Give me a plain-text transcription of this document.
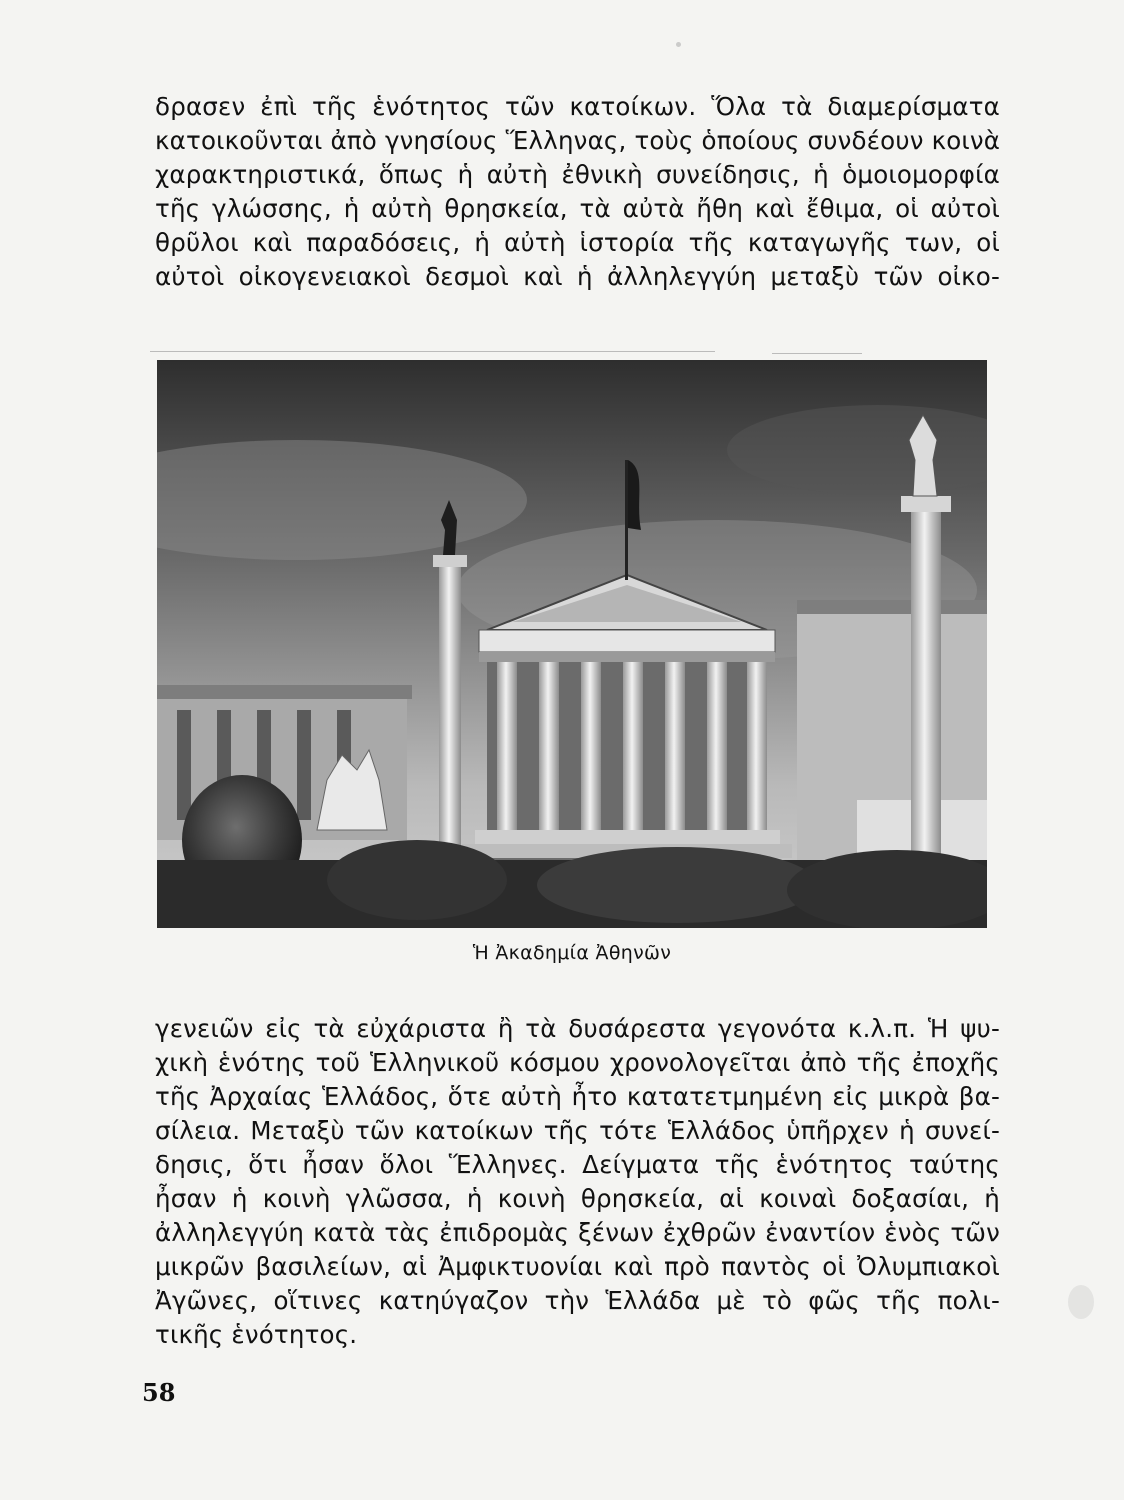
δρασεν ἐπὶ τῆς ἑνότητος τῶν κατοίκων. Ὅλα τὰ διαμερίσματα
κατοικοῦνται ἀπὸ γνησίους Ἕλληνας, τοὺς ὁποίους συνδέουν κοινὰ
χαρακτηριστικά, ὅπως ἡ αὐτὴ ἐθνικὴ συνείδησις, ἡ ὁμοιομορφία
τῆς γλώσσης, ἡ αὐτὴ θρησκεία, τὰ αὐτὰ ἤθη καὶ ἔθιμα, οἱ αὐτοὶ
θρῦλοι καὶ παραδόσεις, ἡ αὐτὴ ἱστορία τῆς καταγωγῆς των, οἱ
αὐτοὶ οἰκογενειακοὶ δεσμοὶ καὶ ἡ ἀλληλεγγύη μεταξὺ τῶν οἰκο-
Ἡ Ἀκαδημία Ἀθηνῶν
γενειῶν εἰς τὰ εὐχάριστα ἢ τὰ δυσάρεστα γεγονότα κ.λ.π. Ἡ ψυ-
χικὴ ἑνότης τοῦ Ἑλληνικοῦ κόσμου χρονολογεῖται ἀπὸ τῆς ἐποχῆς
τῆς Ἀρχαίας Ἑλλάδος, ὅτε αὐτὴ ἦτο κατατετμημένη εἰς μικρὰ βα-
σίλεια. Μεταξὺ τῶν κατοίκων τῆς τότε Ἑλλάδος ὑπῆρχεν ἡ συνεί-
δησις, ὅτι ἦσαν ὅλοι Ἕλληνες. Δείγματα τῆς ἑνότητος ταύτης
ἦσαν ἡ κοινὴ γλῶσσα, ἡ κοινὴ θρησκεία, αἱ κοιναὶ δοξασίαι, ἡ
ἀλληλεγγύη κατὰ τὰς ἐπιδρομὰς ξένων ἐχθρῶν ἐναντίον ἑνὸς τῶν
μικρῶν βασιλείων, αἱ Ἀμφικτυονίαι καὶ πρὸ παντὸς οἱ Ὀλυμπιακοὶ
Ἀγῶνες, οἵτινες κατηύγαζον τὴν Ἑλλάδα μὲ τὸ φῶς τῆς πολι-
τικῆς ἑνότητος.
58
